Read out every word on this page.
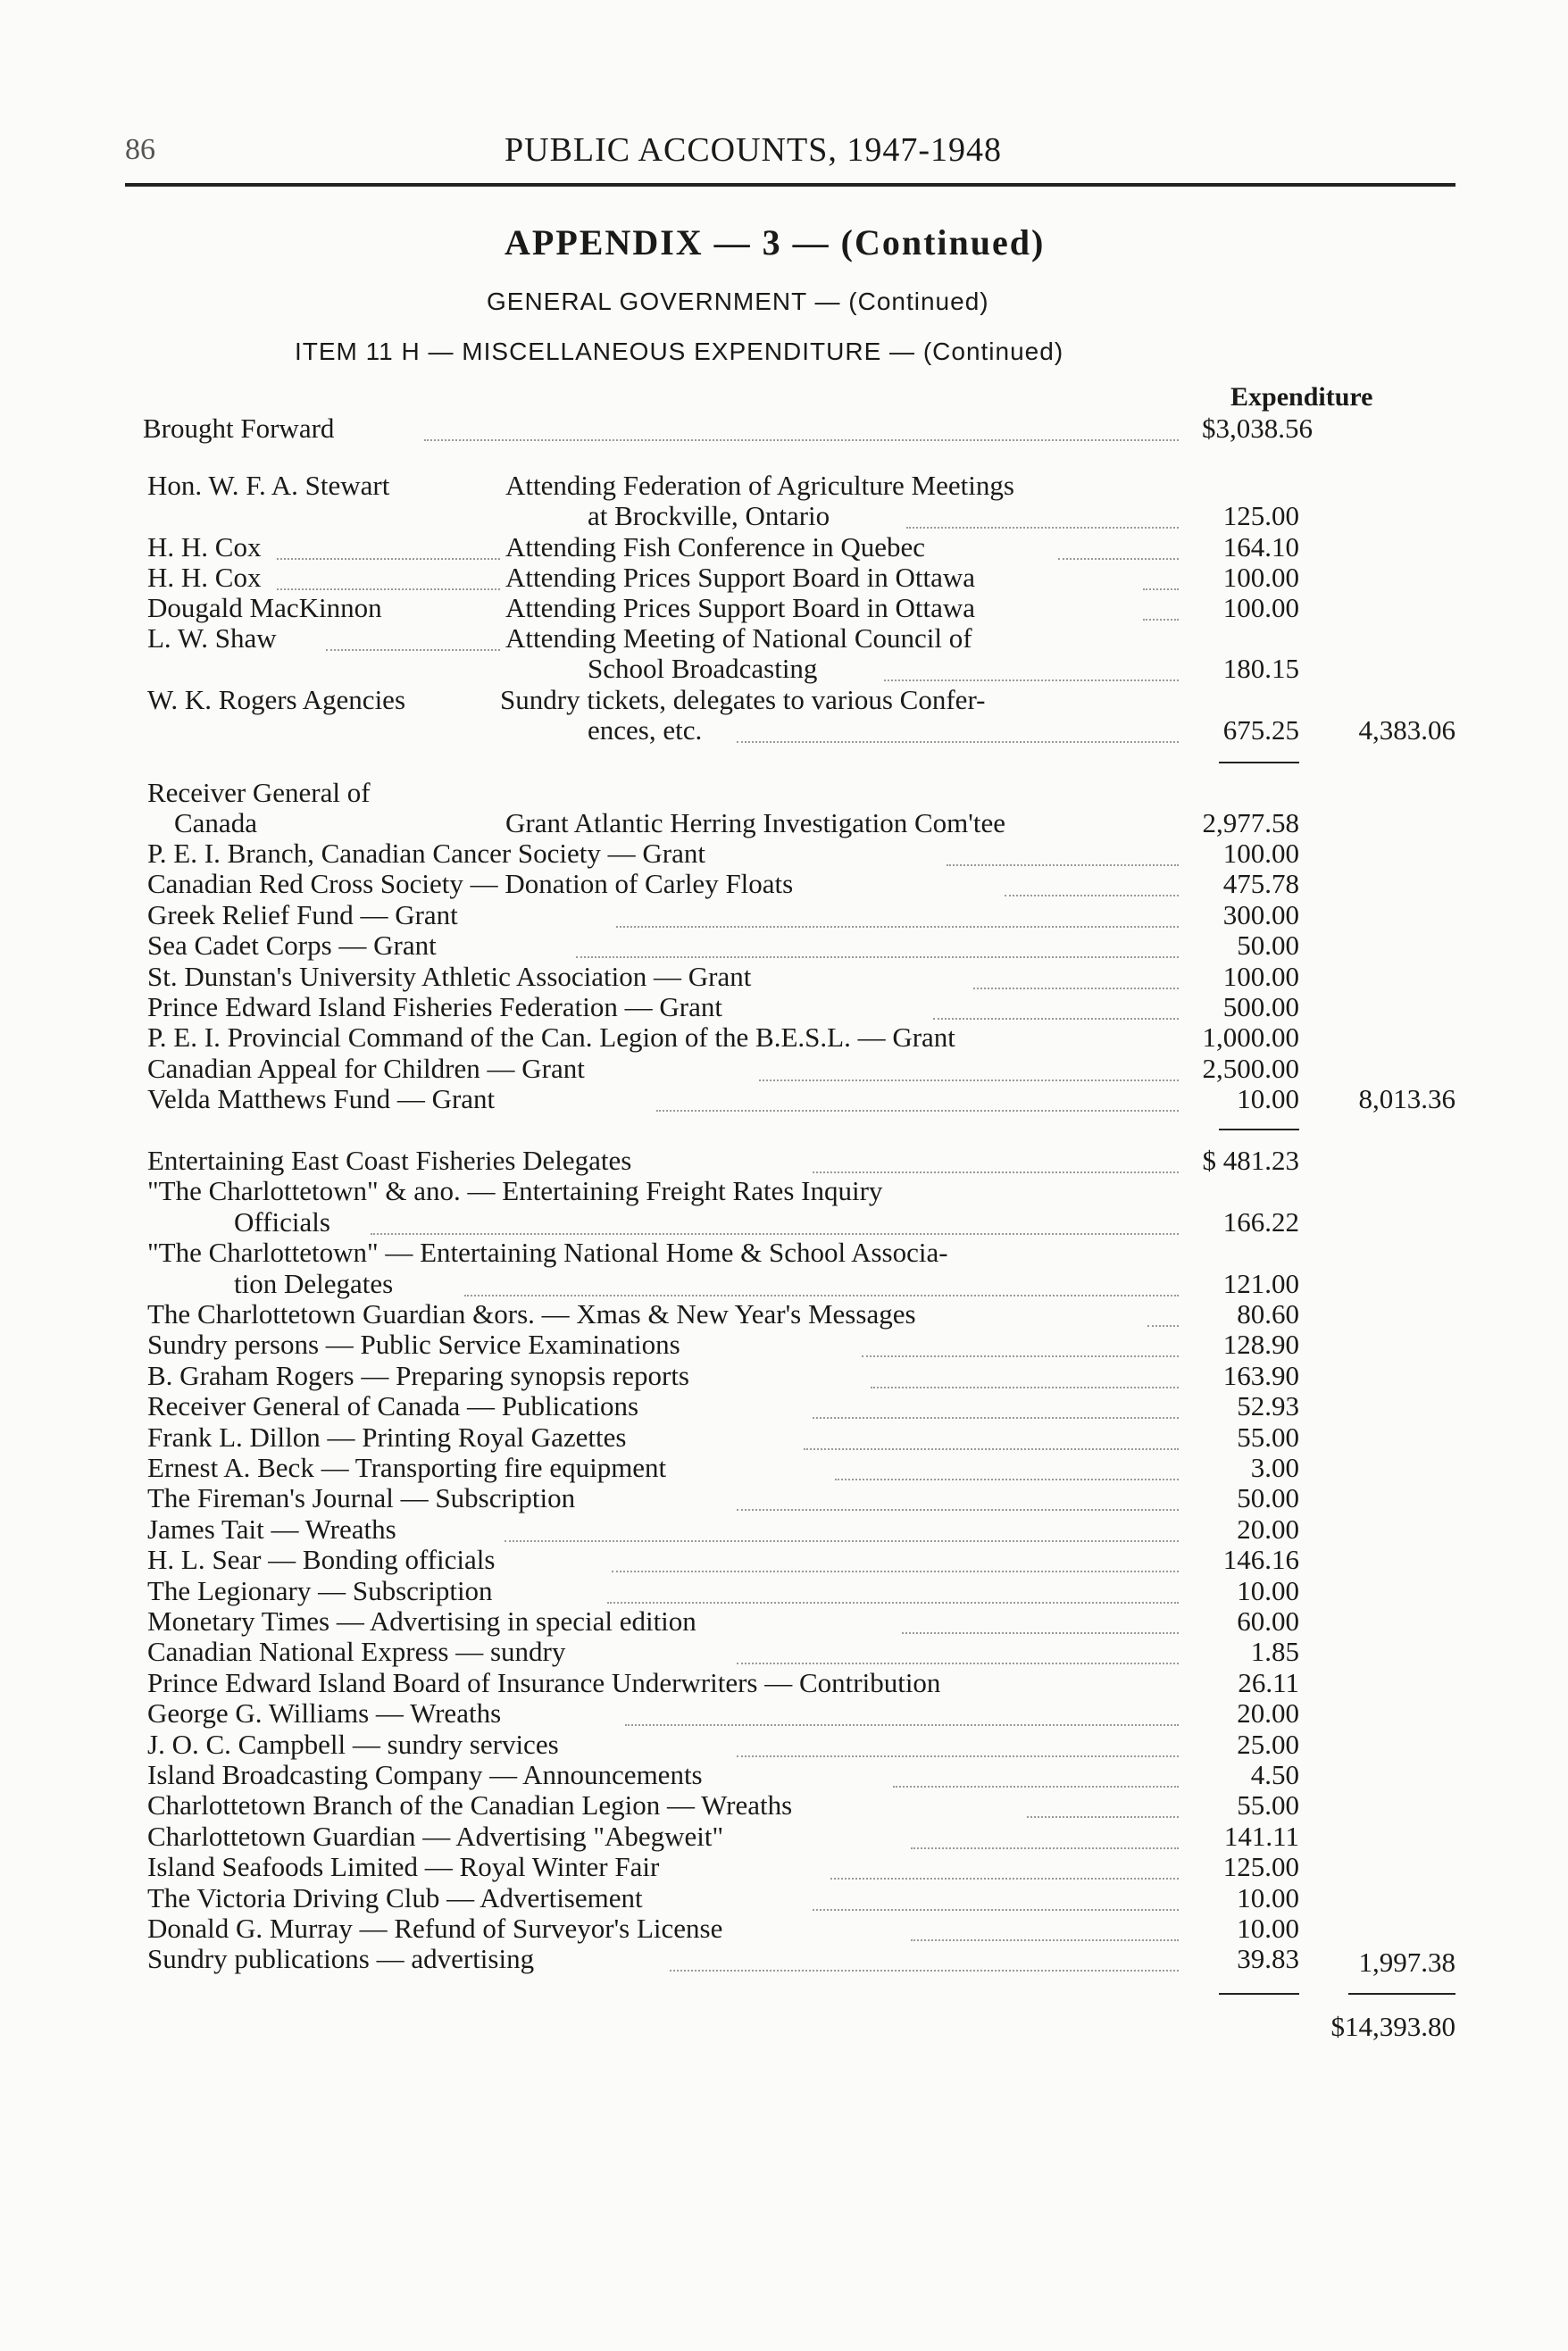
86	PUBLIC ACCOUNTS, 1947-1948
APPENDIX — 3 — (Continued)
GENERAL GOVERNMENT — (Continued)
ITEM 11 H — MISCELLANEOUS EXPENDITURE — (Continued)
Expenditure
Brought Forward	$3,038.56
Hon. W. F. A. Stewart	Attending Federation of Agriculture Meetings
at Brockville, Ontario	125.00
H. H. Cox	Attending Fish Conference in Quebec	164.10
H. H. Cox	Attending Prices Support Board in Ottawa	100.00
Dougald MacKinnon	Attending Prices Support Board in Ottawa	100.00
L. W. Shaw	Attending Meeting of National Council of
School Broadcasting	180.15
W. K. Rogers Agencies	Sundry tickets, delegates to various Confer-
ences, etc.	675.25	4,383.06
Receiver General of
Canada	Grant Atlantic Herring Investigation Com'tee	2,977.58
P. E. I. Branch, Canadian Cancer Society — Grant	100.00
Canadian Red Cross Society — Donation of Carley Floats	475.78
Greek Relief Fund — Grant	300.00
Sea Cadet Corps — Grant	50.00
St. Dunstan's University Athletic Association — Grant	100.00
Prince Edward Island Fisheries Federation — Grant	500.00
P. E. I. Provincial Command of the Can. Legion of the B.E.S.L. — Grant	1,000.00
Canadian Appeal for Children — Grant	2,500.00
Velda Matthews Fund — Grant	10.00	8,013.36
Entertaining East Coast Fisheries Delegates	$ 481.23
"The Charlottetown" & ano. — Entertaining Freight Rates Inquiry
Officials	166.22
"The Charlottetown" — Entertaining National Home & School Associa-
tion Delegates	121.00
The Charlottetown Guardian &ors. — Xmas & New Year's Messages	80.60
Sundry persons — Public Service Examinations	128.90
B. Graham Rogers — Preparing synopsis reports	163.90
Receiver General of Canada — Publications	52.93
Frank L. Dillon — Printing Royal Gazettes	55.00
Ernest A. Beck — Transporting fire equipment	3.00
The Fireman's Journal — Subscription	50.00
James Tait — Wreaths	20.00
H. L. Sear — Bonding officials	146.16
The Legionary — Subscription	10.00
Monetary Times — Advertising in special edition	60.00
Canadian National Express — sundry	1.85
Prince Edward Island Board of Insurance Underwriters — Contribution	26.11
George G. Williams — Wreaths	20.00
J. O. C. Campbell — sundry services	25.00
Island Broadcasting Company — Announcements	4.50
Charlottetown Branch of the Canadian Legion — Wreaths	55.00
Charlottetown Guardian — Advertising "Abegweit"	141.11
Island Seafoods Limited — Royal Winter Fair	125.00
The Victoria Driving Club — Advertisement	10.00
Donald G. Murray — Refund of Surveyor's License	10.00
Sundry publications — advertising	39.83	1,997.38
$14,393.80
